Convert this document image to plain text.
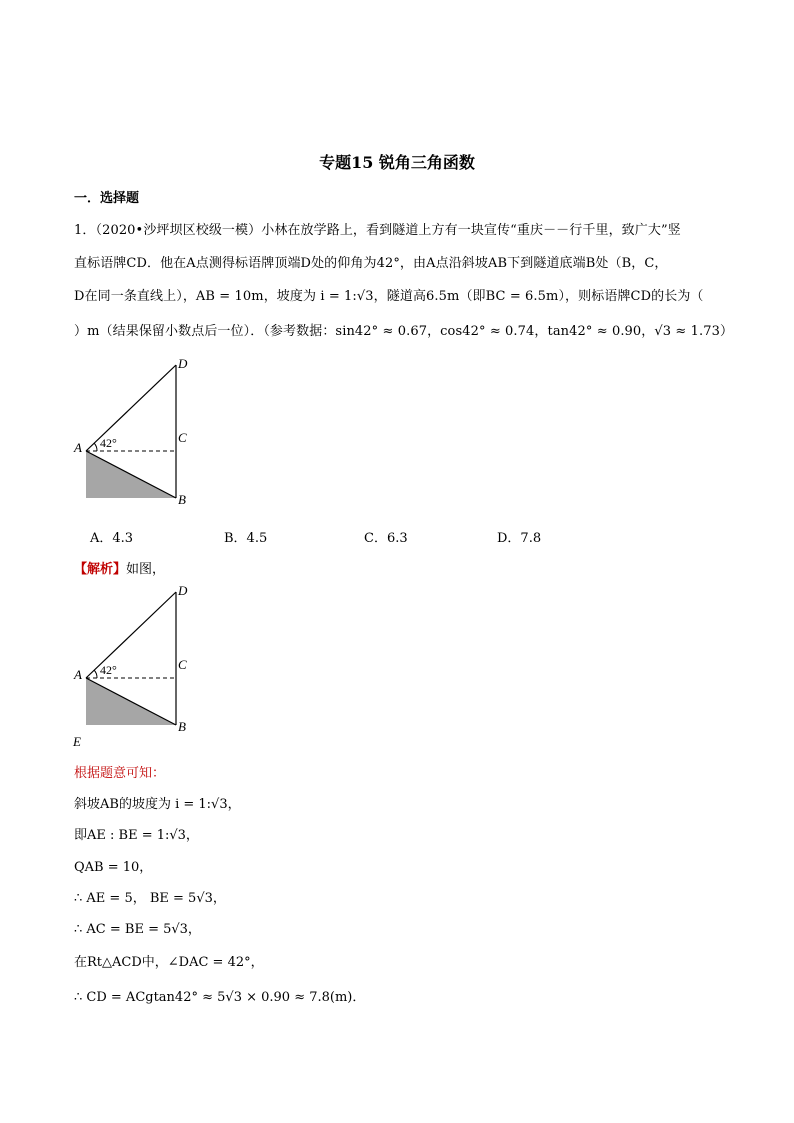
专题15 锐角三角函数
一．选择题
1．（2020•沙坪坝区校级一模）小林在放学路上，看到隧道上方有一块宣传“重庆－－行千里，致广大”竖
直标语牌CD．他在A点测得标语牌顶端D处的仰角为42°，由A点沿斜坡AB下到隧道底端B处（B，C，
D在同一条直线上），AB = 10m，坡度为 i = 1:√3，隧道高6.5m（即BC = 6.5m），则标语牌CD的长为（
）m（结果保留小数点后一位）．（参考数据：sin42° ≈ 0.67，cos42° ≈ 0.74，tan42° ≈ 0.90，√3 ≈ 1.73）
42°
D
C
A
B
A．4.3	B．4.5	C．6.3	D．7.8
【解析】如图，
42°
D
C
A
B
E
根据题意可知：
斜坡AB的坡度为 i = 1:√3，
即AE : BE = 1:√3，
QAB = 10，
∴ AE = 5， BE = 5√3，
∴ AC = BE = 5√3，
在Rt△ACD中，∠DAC = 42°，
∴ CD = ACgtan42° ≈ 5√3 × 0.90 ≈ 7.8(m)．
